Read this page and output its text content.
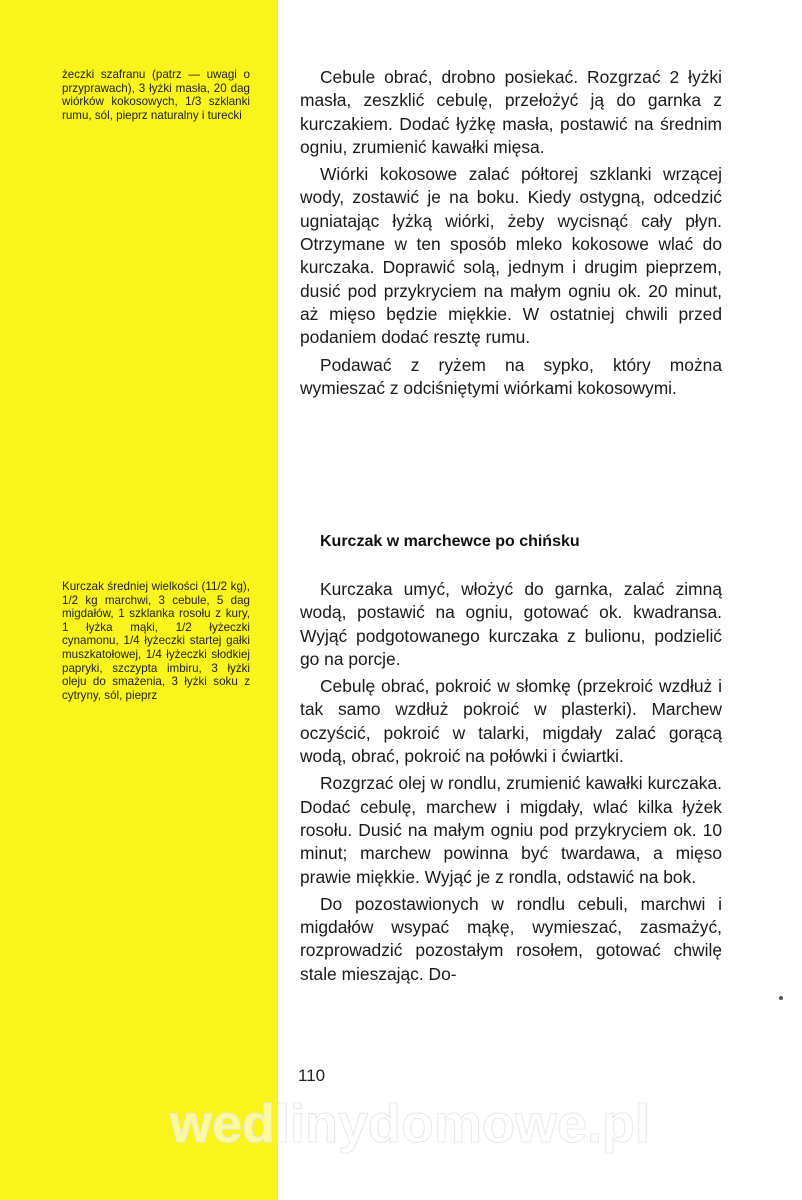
żeczki szafranu (patrz — uwagi o przyprawach), 3 łyżki masła, 20 dag wiórków kokosowych, 1/3 szklanki rumu, sól, pieprz naturalny i turecki
Kurczak średniej wielkości (11/2 kg), 1/2 kg marchwi, 3 cebule, 5 dag migdałów, 1 szklanka rosołu z kury, 1 łyżka mąki, 1/2 łyżeczki cynamonu, 1/4 łyżeczki startej gałki muszkatołowej, 1/4 łyżeczki słodkiej papryki, szczypta imbiru, 3 łyżki oleju do smażenia, 3 łyżki soku z cytryny, sól, pieprz

Cebule obrać, drobno posiekać. Rozgrzać 2 łyżki masła, zeszklić cebulę, przełożyć ją do garnka z kurczakiem. Dodać łyżkę masła, postawić na średnim ogniu, zrumienić kawałki mięsa.

Wiórki kokosowe zalać półtorej szklanki wrzącej wody, zostawić je na boku. Kiedy ostygną, odcedzić ugniatając łyżką wiórki, żeby wycisnąć cały płyn. Otrzymane w ten sposób mleko kokosowe wlać do kurczaka. Doprawić solą, jednym i drugim pieprzem, dusić pod przykryciem na małym ogniu ok. 20 minut, aż mięso będzie miękkie. W ostatniej chwili przed podaniem dodać resztę rumu.

Podawać z ryżem na sypko, który można wymieszać z odciśniętymi wiórkami kokosowymi.

Kurczak w marchewce po chińsku

Kurczaka umyć, włożyć do garnka, zalać zimną wodą, postawić na ogniu, gotować ok. kwadransa. Wyjąć podgotowanego kurczaka z bulionu, podzielić go na porcje.

Cebulę obrać, pokroić w słomkę (przekroić wzdłuż i tak samo wzdłuż pokroić w plasterki). Marchew oczyścić, pokroić w talarki, migdały zalać gorącą wodą, obrać, pokroić na połówki i ćwiartki.

Rozgrzać olej w rondlu, zrumienić kawałki kurczaka. Dodać cebulę, marchew i migdały, wlać kilka łyżek rosołu. Dusić na małym ogniu pod przykryciem ok. 10 minut; marchew powinna być twardawa, a mięso prawie miękkie. Wyjąć je z rondla, odstawić na bok.

Do pozostawionych w rondlu cebuli, marchwi i migdałów wsypać mąkę, wymieszać, zasmażyć, rozprowadzić pozostałym rosołem, gotować chwilę stale mieszając. Do-

110
wedlinydomowe.pl
